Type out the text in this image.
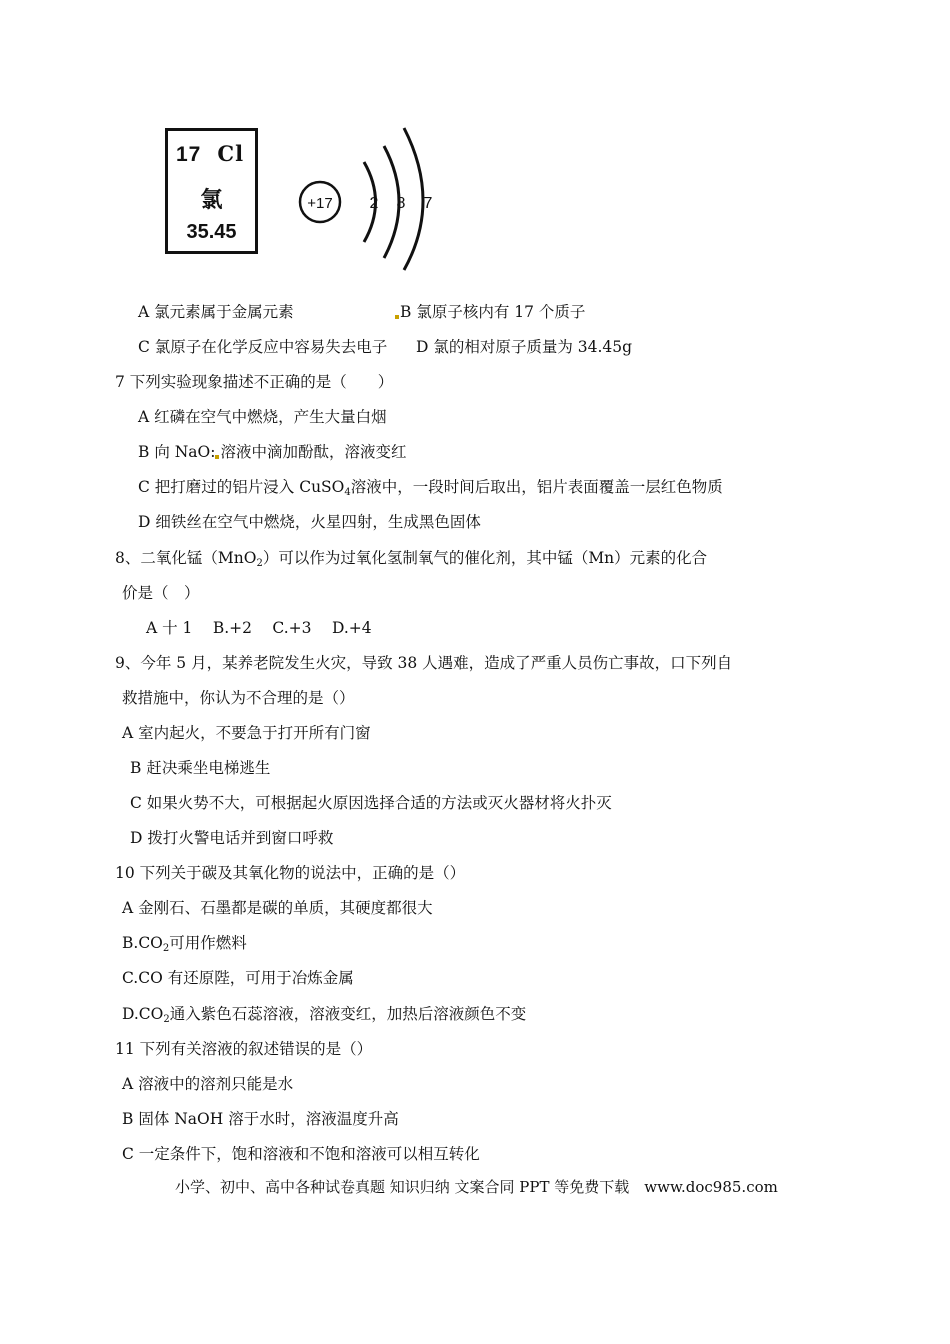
17 Cl
氯
35.45
+17 2 8 7
A 氯元素属于金属元素	B 氯原子核内有 17 个质子
C 氯原子在化学反应中容易失去电子 D 氯的相对原子质量为 34.45g
7 下列实验现象描述不正确的是（　　）
A 红磷在空气中燃烧，产生大量白烟
B 向 NaO: 溶液中滴加酚酞，溶液变红
C 把打磨过的铝片浸入 CuSO$_4$溶液中，一段时间后取出，铝片表面覆盖一层红色物质
D 细铁丝在空气中燃烧，火星四射，生成黑色固体
8、二氧化锰（MnO$_2$）可以作为过氧化氢制氧气的催化剂，其中锰（Mn）元素的化合
价是（　）
A 十 1　 B.+2　 C.+3　 D.+4
9、今年 5 月，某养老院发生火灾，导致 38 人遇难，造成了严重人员伤亡事故，口下列自
救措施中，你认为不合理的是（）
A 室内起火，不要急于打开所有门窗
B 赶决乘坐电梯逃生
C 如果火势不大，可根据起火原因选择合适的方法或灭火器材将火扑灭
D 拨打火警电话并到窗口呼救
10 下列关于碳及其氧化物的说法中，正确的是（）
A 金刚石、石墨都是碳的单质，其硬度都很大
$B.CO_2$可用作燃料
C.CO 有还原陛，可用于冶炼金属
$D.CO_2$通入紫色石蕊溶液，溶液变红，加热后溶液颜色不变
11 下列有关溶液的叙述错误的是（）
A 溶液中的溶剂只能是水
B 固体 NaOH 溶于水时，溶液温度升高
C 一定条件下，饱和溶液和不饱和溶液可以相互转化
小学、初中、高中各种试卷真题 知识归纳 文案合同 PPT 等免费下载　www.doc985.com
